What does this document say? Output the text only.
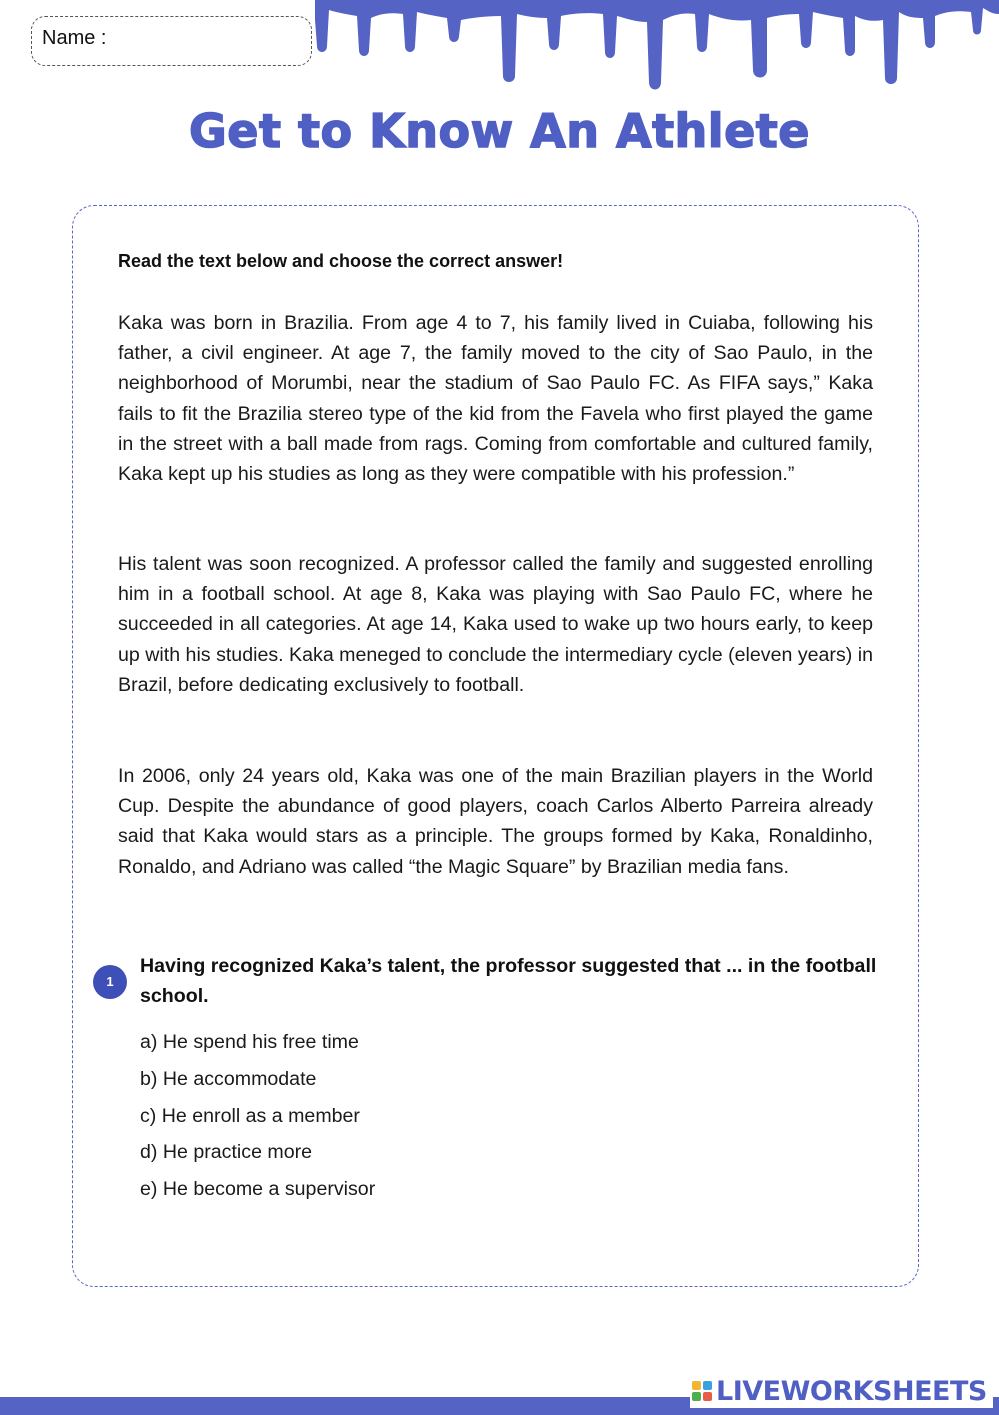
Name :
Get to Know An Athlete
Read the text below and choose the correct answer!

Kaka was born in Brazilia. From age 4 to 7, his family lived in Cuiaba, following his father, a civil engineer. At age 7, the family moved to the city of Sao Paulo, in the neighborhood of Morumbi, near the stadium of Sao Paulo FC. As FIFA says,” Kaka fails to fit the Brazilia stereo type of the kid from the Favela who first played the game in the street with a ball made from rags. Coming from comfortable and cultured family, Kaka kept up his studies as long as they were compatible with his profession.”

His talent was soon recognized. A professor called the family and suggested enrolling him in a football school. At age 8, Kaka was playing with Sao Paulo FC, where he succeeded in all categories. At age 14, Kaka used to wake up two hours early, to keep up with his studies. Kaka meneged to conclude the intermediary cycle (eleven years) in Brazil, before dedicating exclusively to football.

In 2006, only 24 years old, Kaka was one of the main Brazilian players in the World Cup. Despite the abundance of good players, coach Carlos Alberto Parreira already said that Kaka would stars as a principle. The groups formed by Kaka, Ronaldinho, Ronaldo, and Adriano was called “the Magic Square” by Brazilian media fans.

1
Having recognized Kaka’s talent, the professor suggested that ... in the football school.
a) He spend his free time
b) He accommodate
c) He enroll as a member
d) He practice more
e) He become a supervisor
LIVEWORKSHEETS
